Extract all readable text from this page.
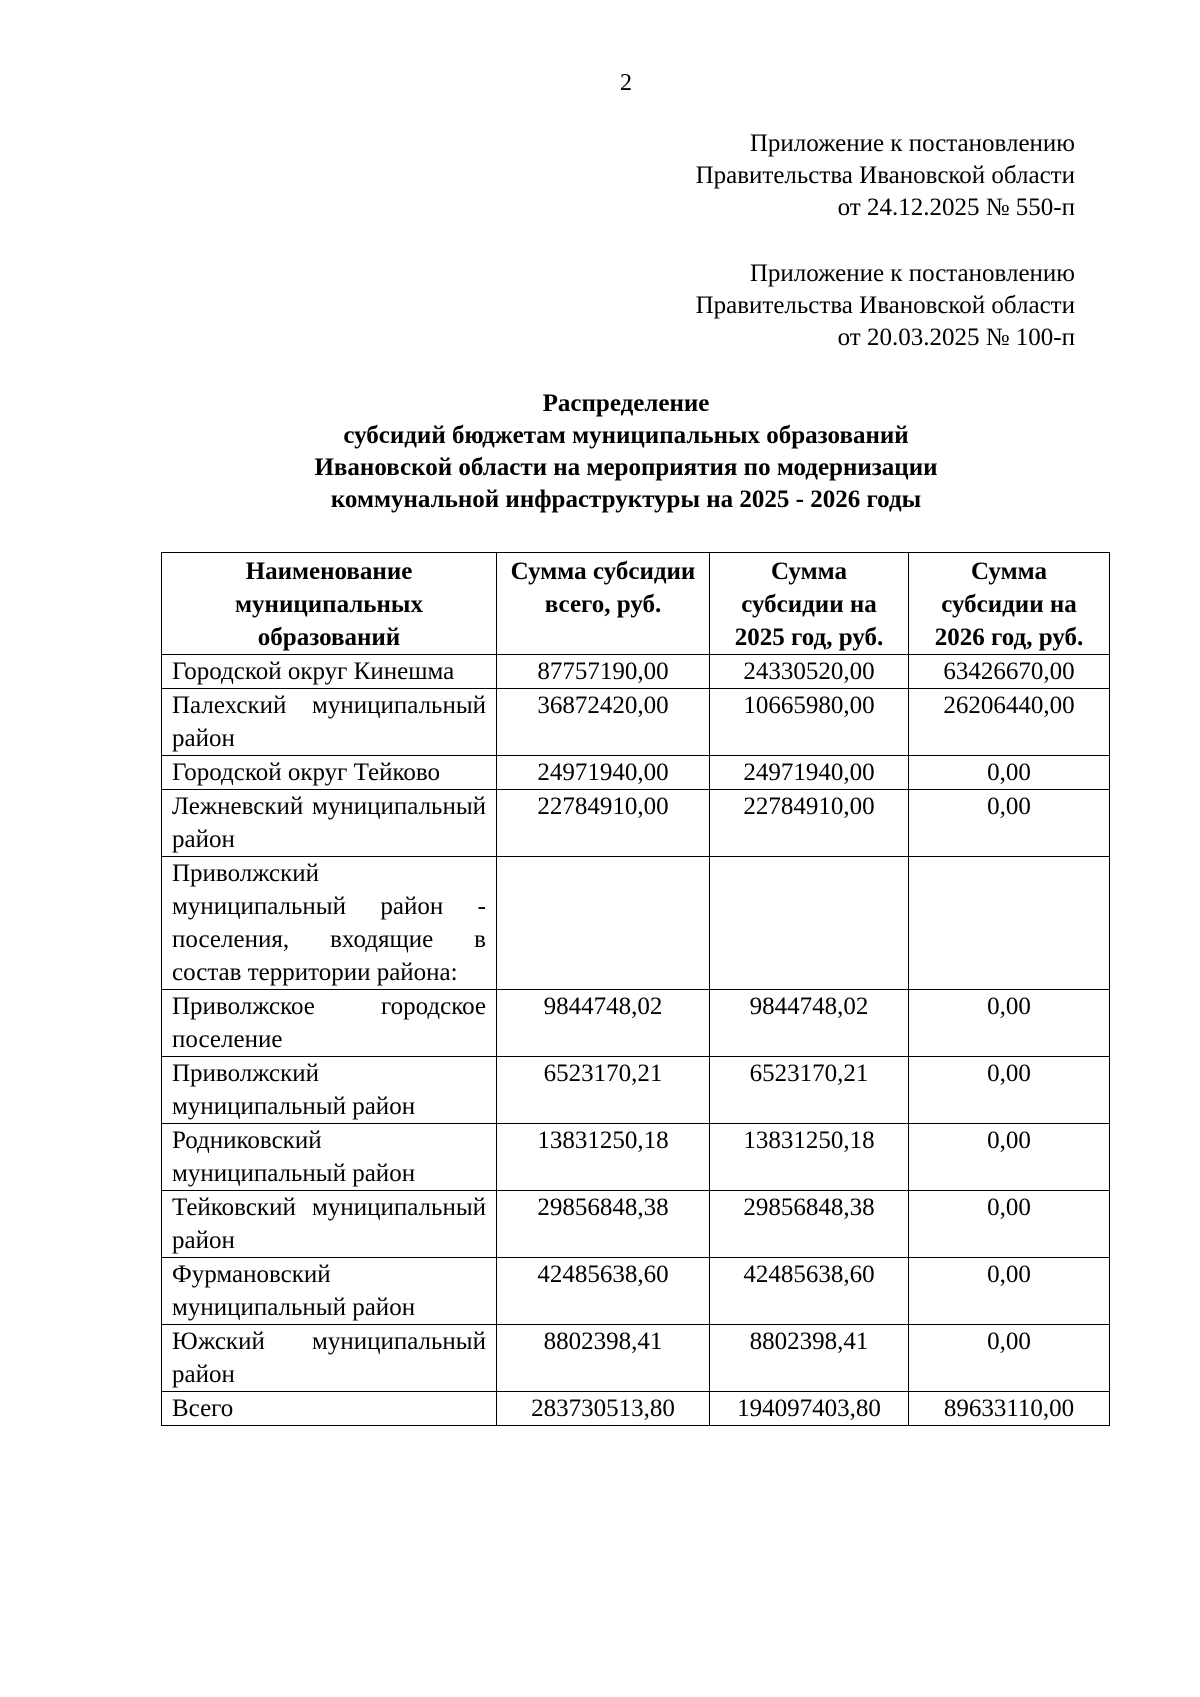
2
Приложение к постановлению
Правительства Ивановской области
от 24.12.2025 № 550-п
Приложение к постановлению
Правительства Ивановской области
от 20.03.2025 № 100-п
Распределение
субсидий бюджетам муниципальных образований
Ивановской области на мероприятия по модернизации
коммунальной инфраструктуры на 2025 - 2026 годы
Наименование муниципальных образований	Сумма субсидии всего, руб.	Сумма субсидии на 2025 год, руб.	Сумма субсидии на 2026 год, руб.
Городской округ Кинешма	87757190,00	24330520,00	63426670,00
Палехский муниципальный район	36872420,00	10665980,00	26206440,00
Городской округ Тейково	24971940,00	24971940,00	0,00
Лежневский муниципальный район	22784910,00	22784910,00	0,00
Приволжский муниципальный район - поселения, входящие в состав территории района:			
Приволжское городское поселение	9844748,02	9844748,02	0,00
Приволжский муниципальный район	6523170,21	6523170,21	0,00
Родниковский муниципальный район	13831250,18	13831250,18	0,00
Тейковский муниципальный район	29856848,38	29856848,38	0,00
Фурмановский муниципальный район	42485638,60	42485638,60	0,00
Южский муниципальный район	8802398,41	8802398,41	0,00
Всего	283730513,80	194097403,80	89633110,00
